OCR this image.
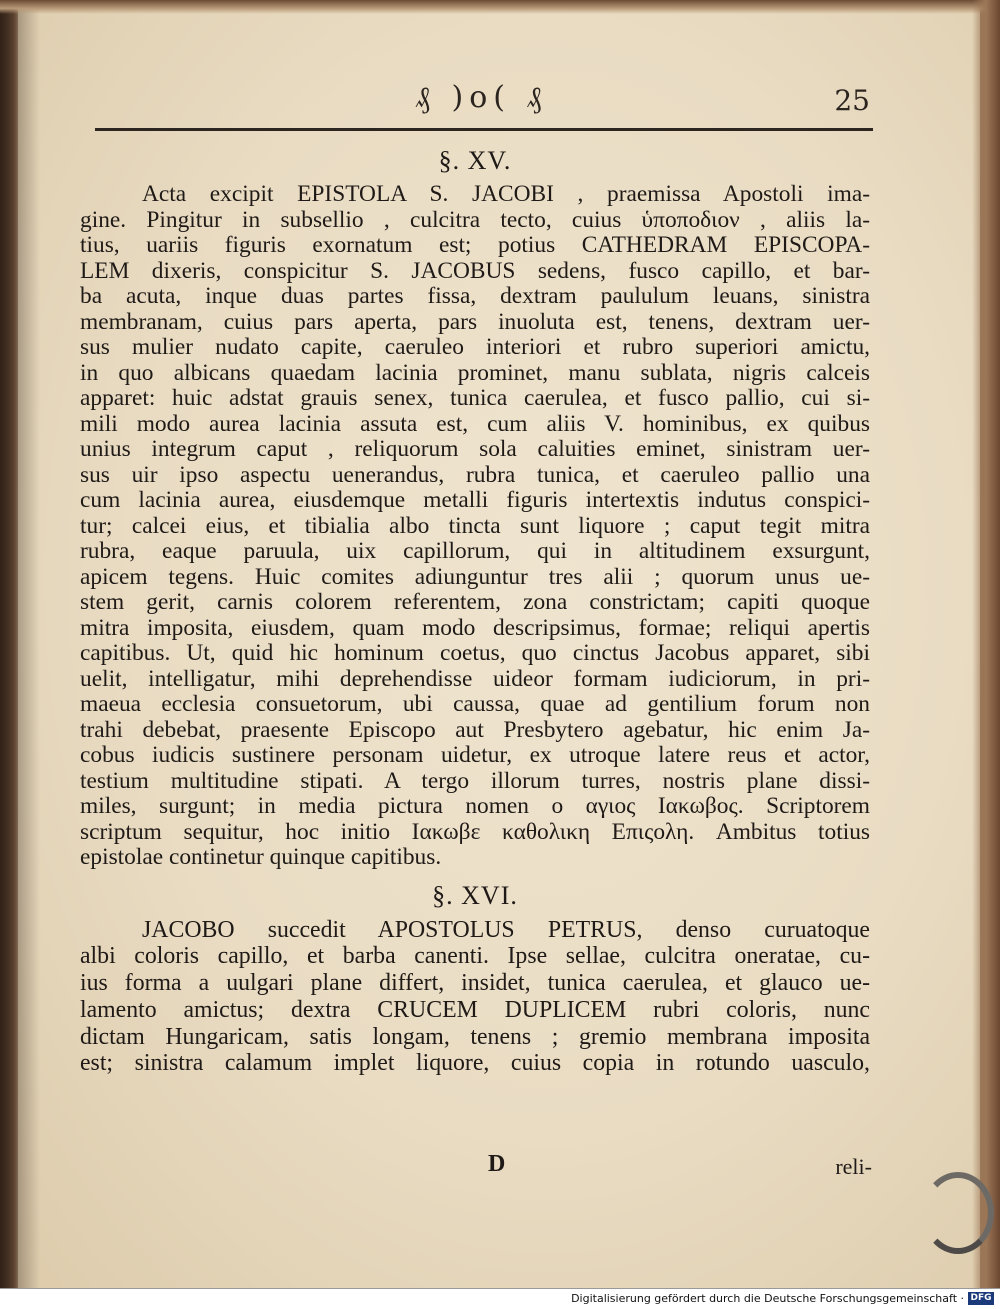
₰ )o( ₰	25
§. XV.

Acta excipit EPISTOLA S. JACOBI , praemissa Apostoli ima-

gine. Pingitur in subsellio , culcitra tecto, cuius ὑποποδιον , aliis la-

tius, uariis figuris exornatum est; potius CATHEDRAM EPISCOPA-

LEM dixeris, conspicitur S. JACOBUS sedens, fusco capillo, et bar-

ba acuta, inque duas partes fissa, dextram paululum leuans, sinistra

membranam, cuius pars aperta, pars inuoluta est, tenens, dextram uer-

sus mulier nudato capite, caeruleo interiori et rubro superiori amictu,

in quo albicans quaedam lacinia prominet, manu sublata, nigris calceis

apparet: huic adstat grauis senex, tunica caerulea, et fusco pallio, cui si-

mili modo aurea lacinia assuta est, cum aliis V. hominibus, ex quibus

unius integrum caput , reliquorum sola caluities eminet, sinistram uer-

sus uir ipso aspectu uenerandus, rubra tunica, et caeruleo pallio una

cum lacinia aurea, eiusdemque metalli figuris intertextis indutus conspici-

tur; calcei eius, et tibialia albo tincta sunt liquore ; caput tegit mitra

rubra, eaque paruula, uix capillorum, qui in altitudinem exsurgunt,

apicem tegens. Huic comites adiunguntur tres alii ; quorum unus ue-

stem gerit, carnis colorem referentem, zona constrictam; capiti quoque

mitra imposita, eiusdem, quam modo descripsimus, formae; reliqui apertis

capitibus. Ut, quid hic hominum coetus, quo cinctus Jacobus apparet, sibi

uelit, intelligatur, mihi deprehendisse uideor formam iudiciorum, in pri-

maeua ecclesia consuetorum, ubi caussa, quae ad gentilium forum non

trahi debebat, praesente Episcopo aut Presbytero agebatur, hic enim Ja-

cobus iudicis sustinere personam uidetur, ex utroque latere reus et actor,

testium multitudine stipati. A tergo illorum turres, nostris plane dissi-

miles, surgunt; in media pictura nomen ο αγιος Ιακωβος. Scriptorem

scriptum sequitur, hoc initio Ιακωβε καθολικη Επιςολη. Ambitus totius

epistolae continetur quinque capitibus.

§. XVI.

JACOBO succedit APOSTOLUS PETRUS, denso curuatoque

albi coloris capillo, et barba canenti. Ipse sellae, culcitra oneratae, cu-

ius forma a uulgari plane differt, insidet, tunica caerulea, et glauco ue-

lamento amictus; dextra CRUCEM DUPLICEM rubri coloris, nunc

dictam Hungaricam, satis longam, tenens ; gremio membrana imposita

est; sinistra calamum implet liquore, cuius copia in rotundo uasculo,

D	reli-
Digitalisierung gefördert durch die Deutsche Forschungsgemeinschaft · DFG
